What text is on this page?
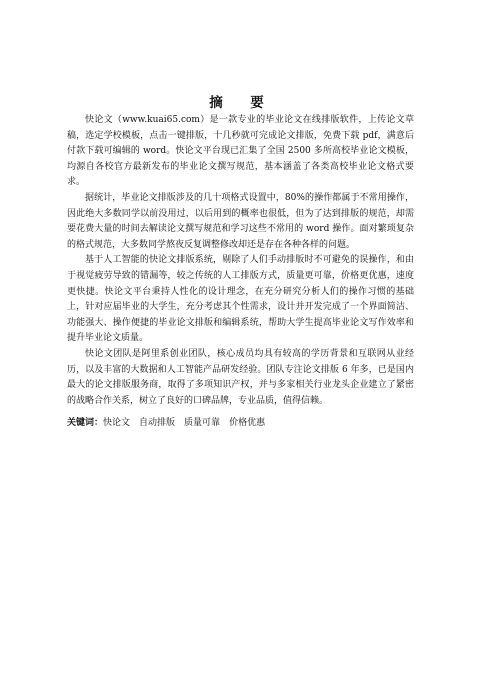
摘　要

快论文（www.kuai65.com）是一款专业的毕业论文在线排版软件，上传论文草稿，选定学校模板，点击一键排版，十几秒就可完成论文排版，免费下载 pdf，满意后付款下载可编辑的 word。快论文平台现已汇集了全国 2500 多所高校毕业论文模板，均源自各校官方最新发布的毕业论文撰写规范，基本涵盖了各类高校毕业论文格式要求。

据统计，毕业论文排版涉及的几十项格式设置中，80%的操作都属于不常用操作，因此绝大多数同学以前没用过，以后用到的概率也很低，但为了达到排版的规范，却需要花费大量的时间去解读论文撰写规范和学习这些不常用的 word 操作。面对繁琐复杂的格式规范，大多数同学熬夜反复调整修改却还是存在各种各样的问题。

基于人工智能的快论文排版系统，剔除了人们手动排版时不可避免的误操作，和由于视觉疲劳导致的错漏等，较之传统的人工排版方式，质量更可靠，价格更优惠，速度更快捷。快论文平台秉持人性化的设计理念，在充分研究分析人们的操作习惯的基础上，针对应届毕业的大学生，充分考虑其个性需求，设计并开发完成了一个界面简洁、功能强大、操作便捷的毕业论文排版和编辑系统，帮助大学生提高毕业论文写作效率和提升毕业论文质量。

快论文团队是阿里系创业团队，核心成员均具有较高的学历背景和互联网从业经历，以及丰富的大数据和人工智能产品研发经验。团队专注论文排版 6 年多，已是国内最大的论文排版服务商，取得了多项知识产权，并与多家相关行业龙头企业建立了紧密的战略合作关系，树立了良好的口碑品牌，专业品质，值得信赖。

关键词：快论文 自动排版 质量可靠 价格优惠
